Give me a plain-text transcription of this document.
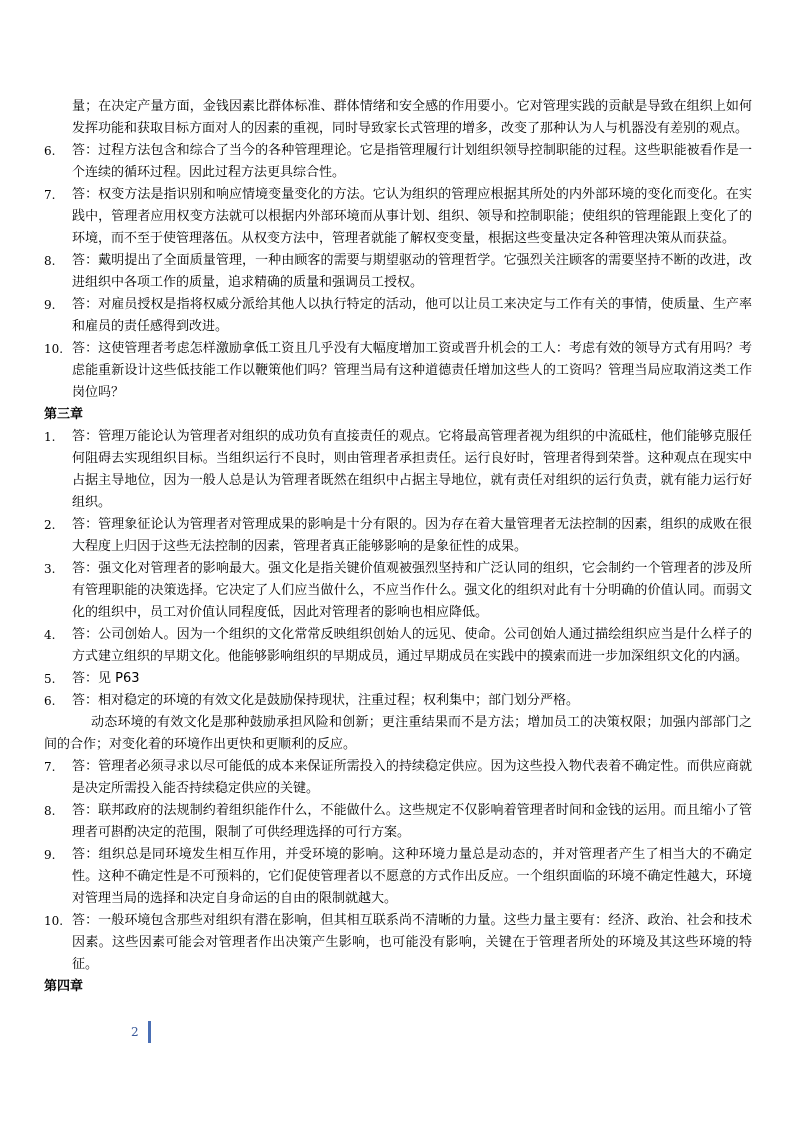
量；在决定产量方面，金钱因素比群体标准、群体情绪和安全感的作用要小。它对管理实践的贡献是导致在组织上如何发挥功能和获取目标方面对人的因素的重视，同时导致家长式管理的增多，改变了那种认为人与机器没有差别的观点。
6. 答：过程方法包含和综合了当今的各种管理理论。它是指管理履行计划组织领导控制职能的过程。这些职能被看作是一个连续的循环过程。因此过程方法更具综合性。
7. 答：权变方法是指识别和响应情境变量变化的方法。它认为组织的管理应根据其所处的内外部环境的变化而变化。在实践中，管理者应用权变方法就可以根据内外部环境而从事计划、组织、领导和控制职能；使组织的管理能跟上变化了的环境，而不至于使管理落伍。从权变方法中，管理者就能了解权变变量，根据这些变量决定各种管理决策从而获益。
8. 答：戴明提出了全面质量管理，一种由顾客的需要与期望驱动的管理哲学。它强烈关注顾客的需要坚持不断的改进，改进组织中各项工作的质量，追求精确的质量和强调员工授权。
9. 答：对雇员授权是指将权威分派给其他人以执行特定的活动，他可以让员工来决定与工作有关的事情，使质量、生产率和雇员的责任感得到改进。
10. 答：这使管理者考虑怎样激励拿低工资且几乎没有大幅度增加工资或晋升机会的工人：考虑有效的领导方式有用吗？考虑能重新设计这些低技能工作以鞭策他们吗？管理当局有这种道德责任增加这些人的工资吗？管理当局应取消这类工作岗位吗？
第三章
1. 答：管理万能论认为管理者对组织的成功负有直接责任的观点。它将最高管理者视为组织的中流砥柱，他们能够克服任何阻碍去实现组织目标。当组织运行不良时，则由管理者承担责任。运行良好时，管理者得到荣誉。这种观点在现实中占据主导地位，因为一般人总是认为管理者既然在组织中占据主导地位，就有责任对组织的运行负责，就有能力运行好组织。
2. 答：管理象征论认为管理者对管理成果的影响是十分有限的。因为存在着大量管理者无法控制的因素，组织的成败在很大程度上归因于这些无法控制的因素，管理者真正能够影响的是象征性的成果。
3. 答：强文化对管理者的影响最大。强文化是指关键价值观被强烈坚持和广泛认同的组织，它会制约一个管理者的涉及所有管理职能的决策选择。它决定了人们应当做什么，不应当作什么。强文化的组织对此有十分明确的价值认同。而弱文化的组织中，员工对价值认同程度低，因此对管理者的影响也相应降低。
4. 答：公司创始人。因为一个组织的文化常常反映组织创始人的远见、使命。公司创始人通过描绘组织应当是什么样子的方式建立组织的早期文化。他能够影响组织的早期成员，通过早期成员在实践中的摸索而进一步加深组织文化的内涵。
5. 答：见 P63
6. 答：相对稳定的环境的有效文化是鼓励保持现状，注重过程；权利集中；部门划分严格。
动态环境的有效文化是那种鼓励承担风险和创新；更注重结果而不是方法；增加员工的决策权限；加强内部部门之间的合作；对变化着的环境作出更快和更顺利的反应。
7. 答：管理者必须寻求以尽可能低的成本来保证所需投入的持续稳定供应。因为这些投入物代表着不确定性。而供应商就是决定所需投入能否持续稳定供应的关键。
8. 答：联邦政府的法规制约着组织能作什么，不能做什么。这些规定不仅影响着管理者时间和金钱的运用。而且缩小了管理者可斟酌决定的范围，限制了可供经理选择的可行方案。
9. 答：组织总是同环境发生相互作用，并受环境的影响。这种环境力量总是动态的，并对管理者产生了相当大的不确定性。这种不确定性是不可预料的，它们促使管理者以不愿意的方式作出反应。一个组织面临的环境不确定性越大，环境对管理当局的选择和决定自身命运的自由的限制就越大。
10. 答：一般环境包含那些对组织有潜在影响，但其相互联系尚不清晰的力量。这些力量主要有：经济、政治、社会和技术因素。这些因素可能会对管理者作出决策产生影响，也可能没有影响，关键在于管理者所处的环境及其这些环境的特征。
第四章
2
